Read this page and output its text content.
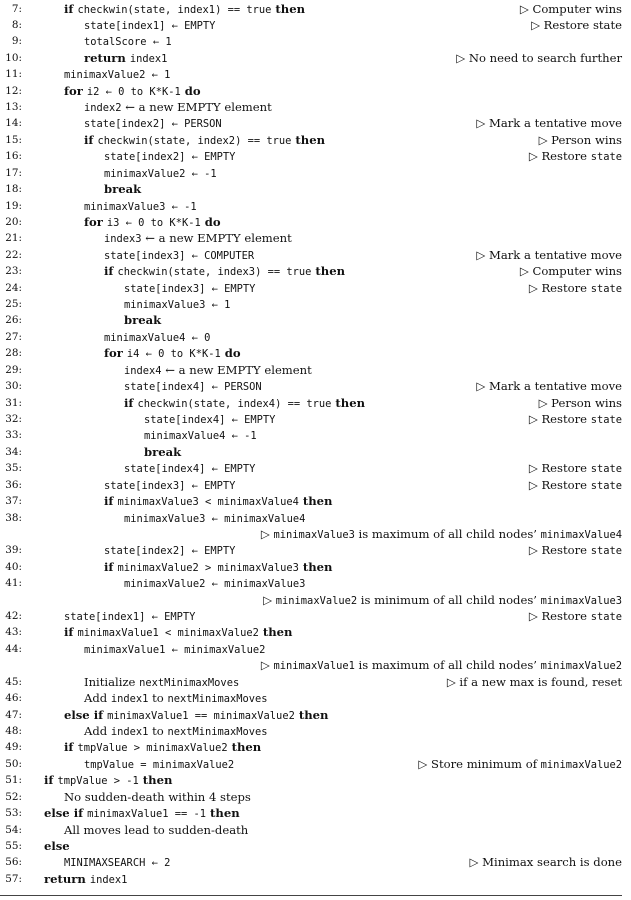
7:	if checkwin(state, index1) == true then	▷ Computer wins
8:	state[index1] ← EMPTY	▷ Restore state
9:	totalScore ← 1
10:	return index1	▷ No need to search further
11:	minimaxValue2 ← 1
12:	for i2 ← 0 to K*K-1 do
13:	index2 ← a new EMPTY element
14:	state[index2] ← PERSON	▷ Mark a tentative move
15:	if checkwin(state, index2) == true then	▷ Person wins
16:	state[index2] ← EMPTY	▷ Restore state
17:	minimaxValue2 ← -1
18:	break
19:	minimaxValue3 ← -1
20:	for i3 ← 0 to K*K-1 do
21:	index3 ← a new EMPTY element
22:	state[index3] ← COMPUTER	▷ Mark a tentative move
23:	if checkwin(state, index3) == true then	▷ Computer wins
24:	state[index3] ← EMPTY	▷ Restore state
25:	minimaxValue3 ← 1
26:	break
27:	minimaxValue4 ← 0
28:	for i4 ← 0 to K*K-1 do
29:	index4 ← a new EMPTY element
30:	state[index4] ← PERSON	▷ Mark a tentative move
31:	if checkwin(state, index4) == true then	▷ Person wins
32:	state[index4] ← EMPTY	▷ Restore state
33:	minimaxValue4 ← -1
34:	break
35:	state[index4] ← EMPTY	▷ Restore state
36:	state[index3] ← EMPTY	▷ Restore state
37:	if minimaxValue3 < minimaxValue4 then
38:	minimaxValue3 ← minimaxValue4
▷ minimaxValue3 is maximum of all child nodes’ minimaxValue4
39:	state[index2] ← EMPTY	▷ Restore state
40:	if minimaxValue2 > minimaxValue3 then
41:	minimaxValue2 ← minimaxValue3
▷ minimaxValue2 is minimum of all child nodes’ minimaxValue3
42:	state[index1] ← EMPTY	▷ Restore state
43:	if minimaxValue1 < minimaxValue2 then
44:	minimaxValue1 ← minimaxValue2
▷ minimaxValue1 is maximum of all child nodes’ minimaxValue2
45:	Initialize nextMinimaxMoves	▷ if a new max is found, reset
46:	Add index1 to nextMinimaxMoves
47:	else if minimaxValue1 == minimaxValue2 then
48:	Add index1 to nextMinimaxMoves
49:	if tmpValue > minimaxValue2 then
50:	tmpValue = minimaxValue2	▷ Store minimum of minimaxValue2
51: if tmpValue > -1 then
52:	No sudden-death within 4 steps
53: else if minimaxValue1 == -1 then
54:	All moves lead to sudden-death
55: else
56:	MINIMAXSEARCH ← 2	▷ Minimax search is done
57: return index1
